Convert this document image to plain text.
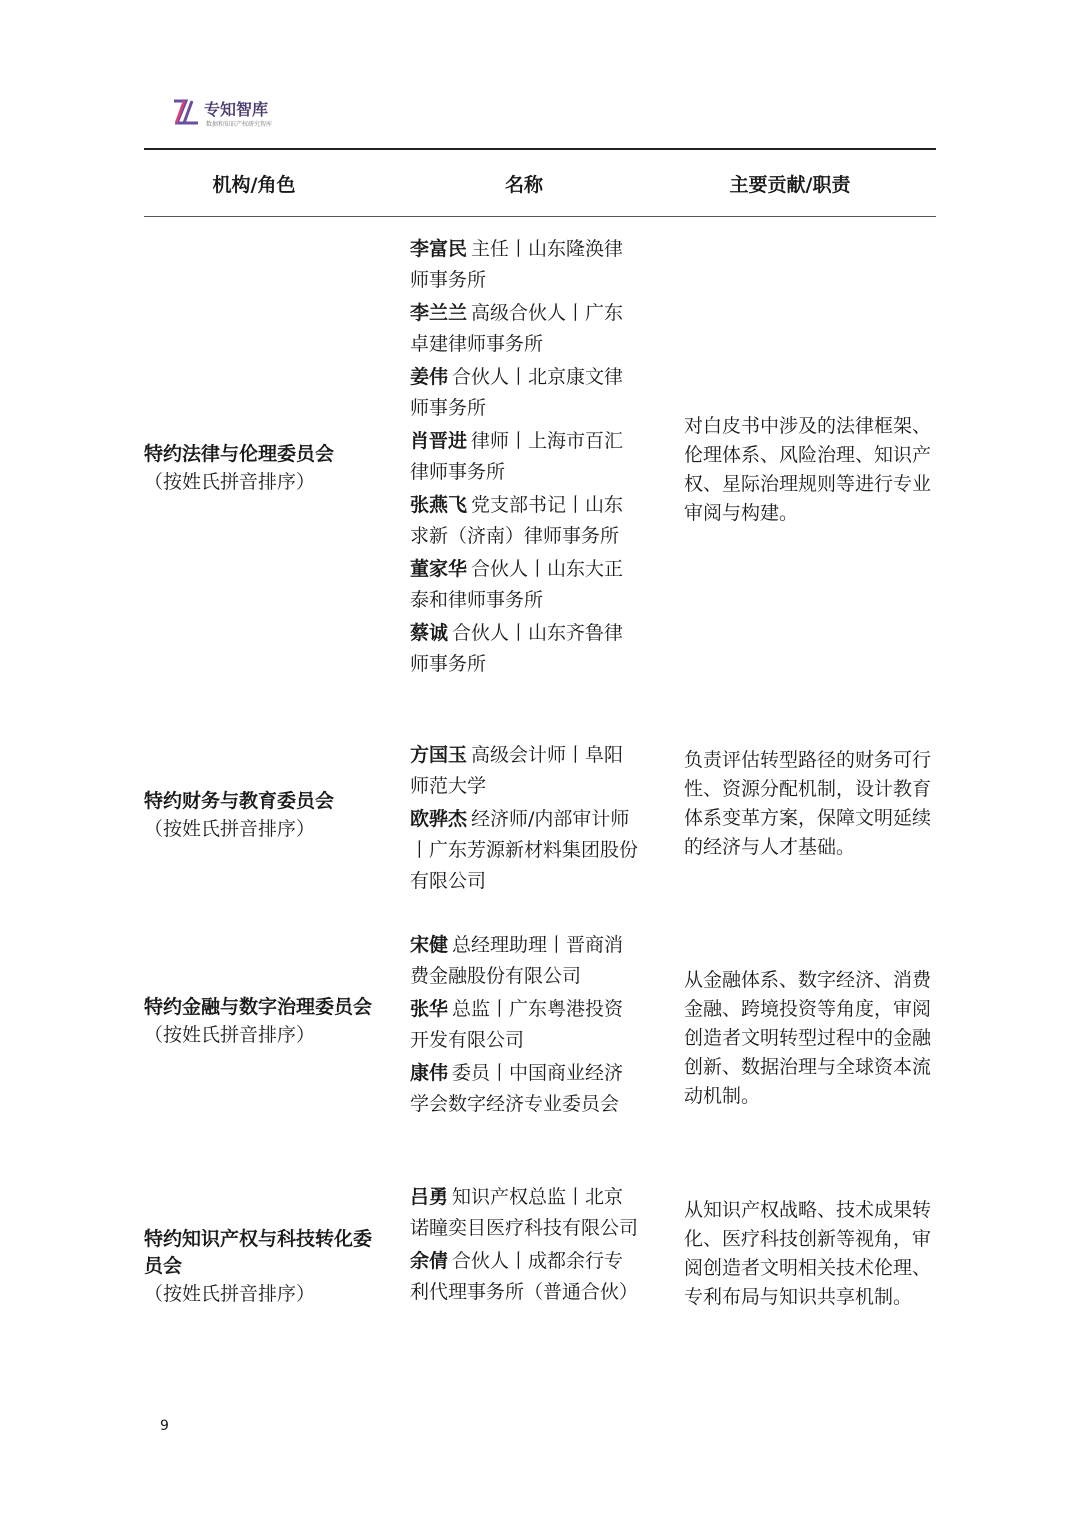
专知智库
数据和知识产权研究智库
机构/角色	名称	主要贡献/职责
特约法律与伦理委员会
（按姓氏拼音排序）
李富民 主任丨山东隆涣律师事务所
李兰兰 高级合伙人丨广东卓建律师事务所
姜伟 合伙人丨北京康文律师事务所
肖晋进 律师丨上海市百汇律师事务所
张燕飞 党支部书记丨山东求新（济南）律师事务所
董家华 合伙人丨山东大正泰和律师事务所
蔡诚 合伙人丨山东齐鲁律师事务所
对白皮书中涉及的法律框架、伦理体系、风险治理、知识产权、星际治理规则等进行专业审阅与构建。
特约财务与教育委员会
（按姓氏拼音排序）
方国玉 高级会计师丨阜阳师范大学
欧骅杰 经济师/内部审计师丨广东芳源新材料集团股份有限公司
负责评估转型路径的财务可行性、资源分配机制，设计教育体系变革方案，保障文明延续的经济与人才基础。
特约金融与数字治理委员会
（按姓氏拼音排序）
宋健 总经理助理丨晋商消费金融股份有限公司
张华 总监丨广东粤港投资开发有限公司
康伟 委员丨中国商业经济学会数字经济专业委员会
从金融体系、数字经济、消费金融、跨境投资等角度，审阅创造者文明转型过程中的金融创新、数据治理与全球资本流动机制。
特约知识产权与科技转化委员会
（按姓氏拼音排序）
吕勇 知识产权总监丨北京诺瞳奕目医疗科技有限公司
余倩 合伙人丨成都余行专利代理事务所（普通合伙）
从知识产权战略、技术成果转化、医疗科技创新等视角，审阅创造者文明相关技术伦理、专利布局与知识共享机制。
9
